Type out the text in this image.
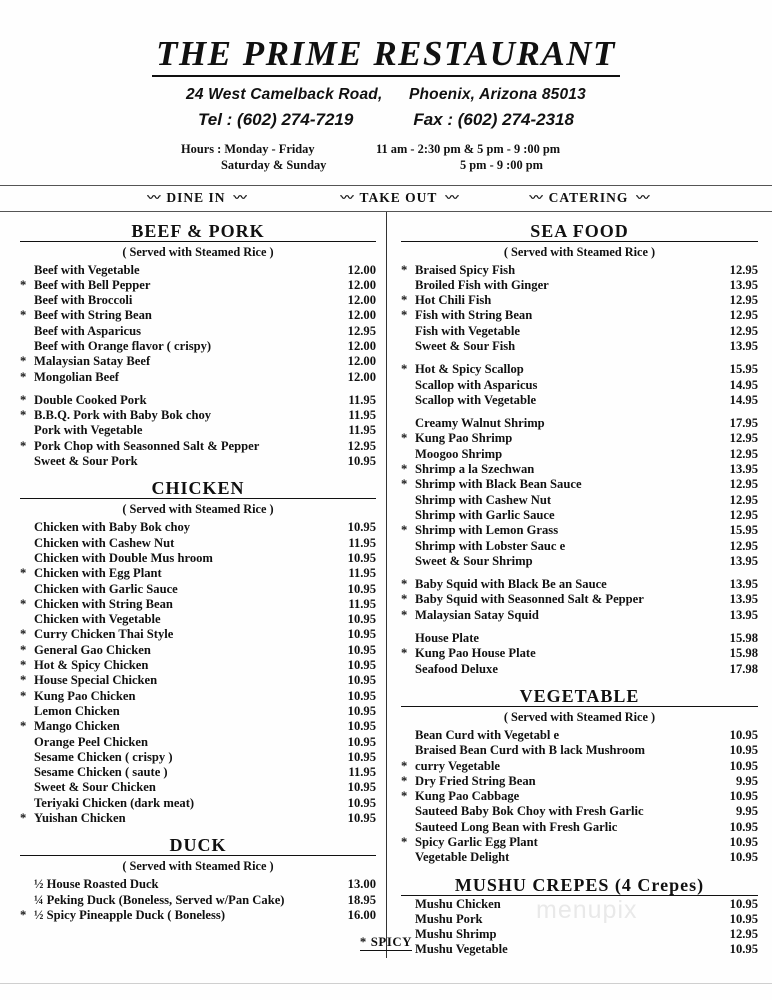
THE PRIME RESTAURANT
24 West Camelback Road, Phoenix, Arizona 85013
Tel : (602) 274-7219	Fax : (602) 274-2318
Hours : Monday - Friday
Saturday & Sunday
11 am - 2:30 pm & 5 pm - 9 :00 pm
5 pm - 9 :00 pm
〰 DINE IN 〰	〰 TAKE OUT 〰	〰 CATERING 〰
BEEF & PORK
( Served with Steamed Rice )
Beef with Vegetable	12.00
* Beef with Bell Pepper	12.00
Beef with Broccoli	12.00
* Beef with String Bean	12.00
Beef with Asparicus	12.95
Beef with Orange flavor ( crispy)	12.00
* Malaysian Satay Beef	12.00
* Mongolian Beef	12.00
* Double Cooked Pork	11.95
* B.B.Q. Pork with Baby Bok choy	11.95
Pork with Vegetable	11.95
* Pork Chop with Seasonned Salt & Pepper	12.95
Sweet & Sour Pork	10.95
CHICKEN
( Served with Steamed Rice )
Chicken with Baby Bok choy	10.95
Chicken with Cashew Nut	11.95
Chicken with Double Mus hroom	10.95
* Chicken with Egg Plant	11.95
Chicken with Garlic Sauce	10.95
* Chicken with String Bean	11.95
Chicken with Vegetable	10.95
* Curry Chicken Thai Style	10.95
* General Gao Chicken	10.95
* Hot & Spicy Chicken	10.95
* House Special Chicken	10.95
* Kung Pao Chicken	10.95
Lemon Chicken	10.95
* Mango Chicken	10.95
Orange Peel Chicken	10.95
Sesame Chicken ( crispy )	10.95
Sesame Chicken ( saute )	11.95
Sweet & Sour Chicken	10.95
Teriyaki Chicken (dark meat)	10.95
* Yuishan Chicken	10.95
DUCK
( Served with Steamed Rice )
½ House Roasted Duck	13.00
¼ Peking Duck (Boneless, Served w/Pan Cake)	18.95
* ½ Spicy Pineapple Duck ( Boneless)	16.00
SEA FOOD
( Served with Steamed Rice )
* Braised Spicy Fish	12.95
Broiled Fish with Ginger	13.95
* Hot Chili Fish	12.95
* Fish with String Bean	12.95
Fish with Vegetable	12.95
Sweet & Sour Fish	13.95
* Hot & Spicy Scallop	15.95
Scallop with Asparicus	14.95
Scallop with Vegetable	14.95
Creamy Walnut Shrimp	17.95
* Kung Pao Shrimp	12.95
Moogoo Shrimp	12.95
* Shrimp a la Szechwan	13.95
* Shrimp with Black Bean Sauce	12.95
Shrimp with Cashew Nut	12.95
Shrimp with Garlic Sauce	12.95
* Shrimp with Lemon Grass	15.95
Shrimp with Lobster Sauc e	12.95
Sweet & Sour Shrimp	13.95
* Baby Squid with Black Be an Sauce	13.95
* Baby Squid with Seasonned Salt & Pepper	13.95
* Malaysian Satay Squid	13.95
House Plate	15.98
* Kung Pao House Plate	15.98
Seafood Deluxe	17.98
VEGETABLE
( Served with Steamed Rice )
Bean Curd with Vegetabl e	10.95
Braised Bean Curd with B lack Mushroom	10.95
* curry Vegetable	10.95
* Dry Fried String Bean	9.95
* Kung Pao Cabbage	10.95
Sauteed Baby Bok Choy with Fresh Garlic	9.95
Sauteed Long Bean with Fresh Garlic	10.95
* Spicy Garlic Egg Plant	10.95
Vegetable Delight	10.95
MUSHU CREPES (4 Crepes)
Mushu Chicken	10.95
Mushu Pork	10.95
Mushu Shrimp	12.95
Mushu Vegetable	10.95
menupix
* SPICY
